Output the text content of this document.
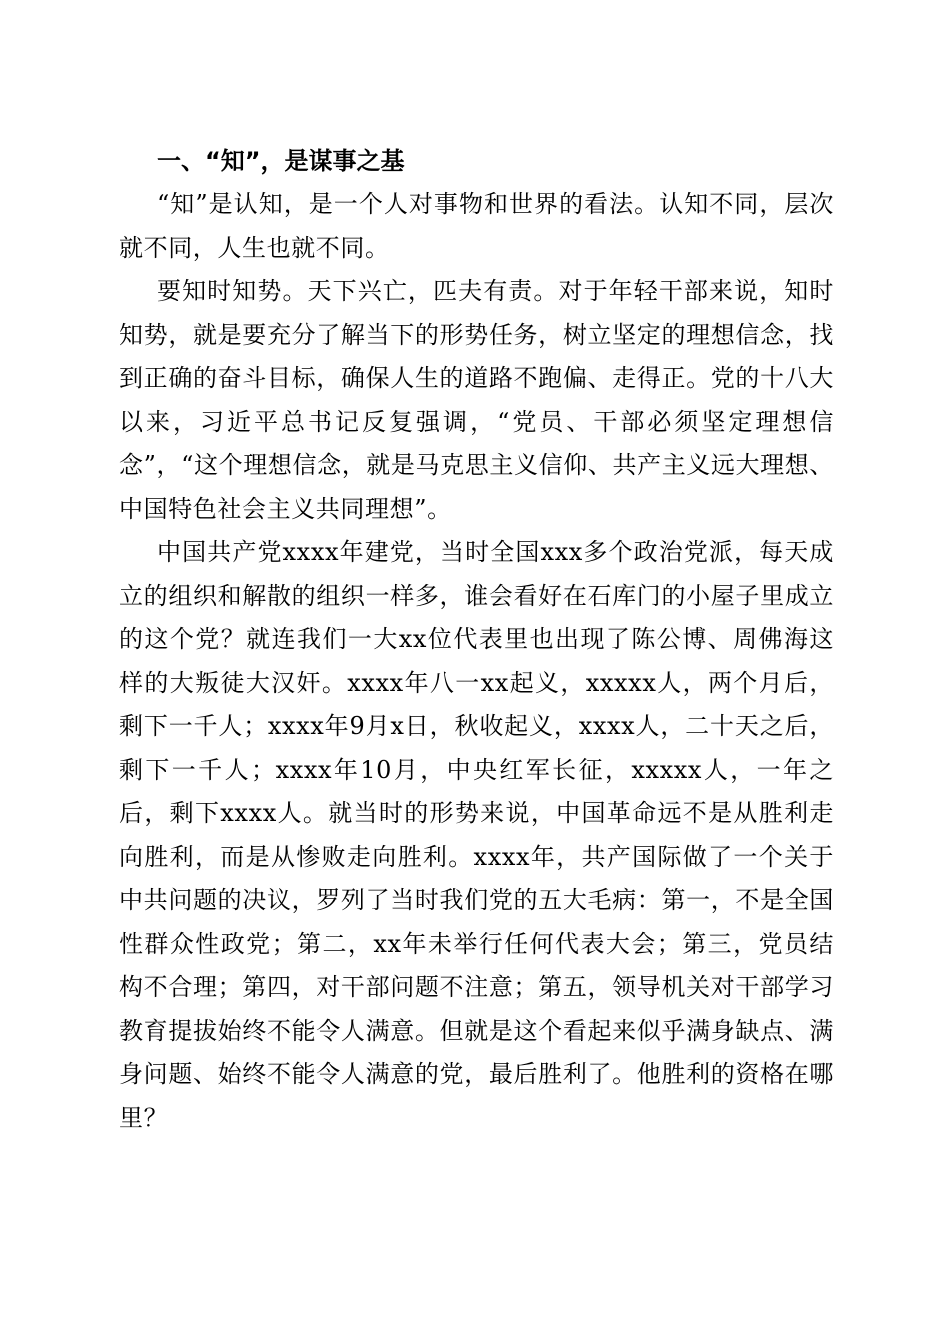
一、“知”，是谋事之基

“知”是认知，是一个人对事物和世界的看法。认知不同，层次就不同，人生也就不同。

要知时知势。天下兴亡，匹夫有责。对于年轻干部来说，知时知势，就是要充分了解当下的形势任务，树立坚定的理想信念，找到正确的奋斗目标，确保人生的道路不跑偏、走得正。党的十八大以来，习近平总书记反复强调，“党员、干部必须坚定理想信念”，“这个理想信念，就是马克思主义信仰、共产主义远大理想、中国特色社会主义共同理想”。

中国共产党xxxx年建党，当时全国xxx多个政治党派，每天成立的组织和解散的组织一样多，谁会看好在石库门的小屋子里成立的这个党？就连我们一大xx位代表里也出现了陈公博、周佛海这样的大叛徒大汉奸。xxxx年八一xx起义，xxxxx人，两个月后，剩下一千人；xxxx年9月x日，秋收起义，xxxx人，二十天之后，剩下一千人；xxxx年10月，中央红军长征，xxxxx人，一年之后，剩下xxxx人。就当时的形势来说，中国革命远不是从胜利走向胜利，而是从惨败走向胜利。xxxx年，共产国际做了一个关于中共问题的决议，罗列了当时我们党的五大毛病：第一，不是全国性群众性政党；第二，xx年未举行任何代表大会；第三，党员结构不合理；第四，对干部问题不注意；第五，领导机关对干部学习教育提拔始终不能令人满意。但就是这个看起来似乎满身缺点、满身问题、始终不能令人满意的党，最后胜利了。他胜利的资格在哪里？
